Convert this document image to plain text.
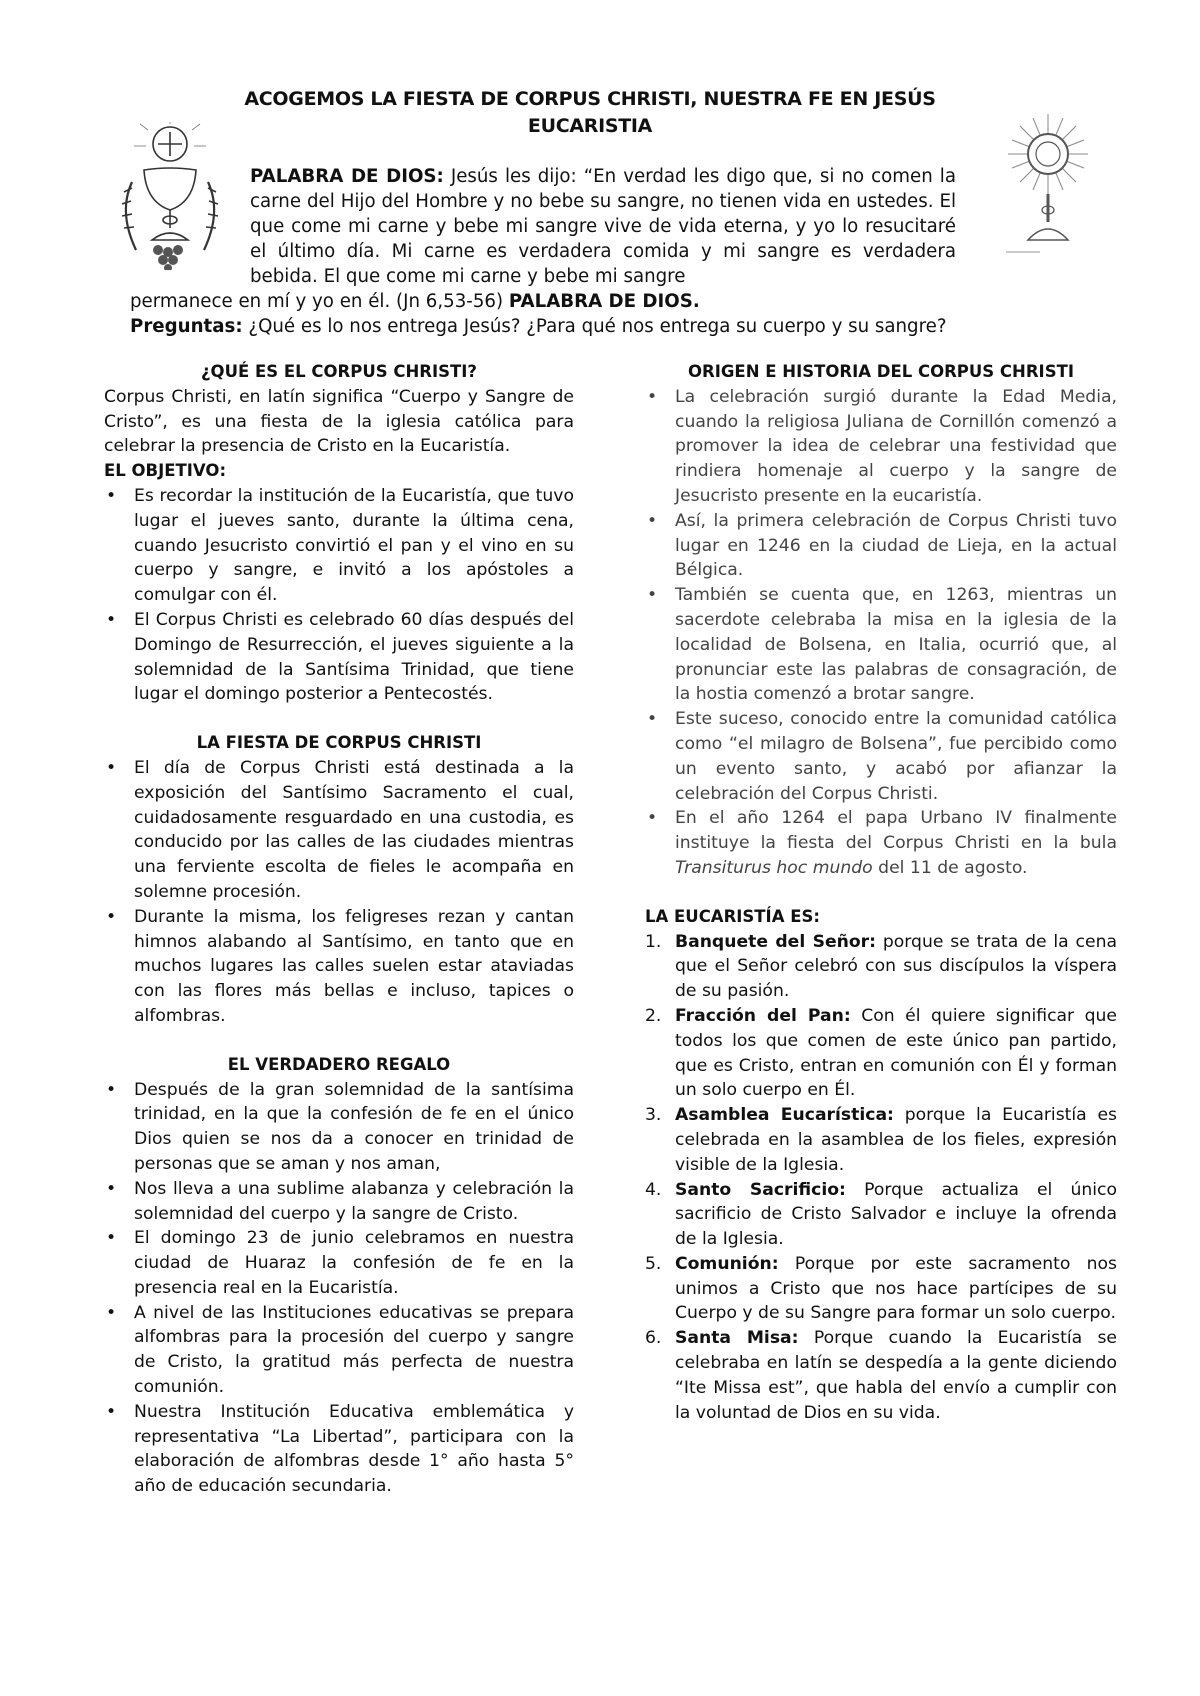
ACOGEMOS LA FIESTA DE CORPUS CHRISTI, NUESTRA FE EN JESÚS EUCARISTIA

PALABRA DE DIOS: Jesús les dijo: “En verdad les digo que, si no comen la carne del Hijo del Hombre y no bebe su sangre, no tienen vida en ustedes. El que come mi carne y bebe mi sangre vive de vida eterna, y yo lo resucitaré el último día. Mi carne es verdadera comida y mi sangre es verdadera bebida. El que come mi carne y bebe mi sangre

permanece en mí y yo en él. (Jn 6,53-56) PALABRA DE DIOS.

Preguntas: ¿Qué es lo nos entrega Jesús? ¿Para qué nos entrega su cuerpo y su sangre?

¿QUÉ ES EL CORPUS CHRISTI?

Corpus Christi, en latín significa “Cuerpo y Sangre de Cristo”, es una fiesta de la iglesia católica para celebrar la presencia de Cristo en la Eucaristía.

EL OBJETIVO:
• Es recordar la institución de la Eucaristía, que tuvo lugar el jueves santo, durante la última cena, cuando Jesucristo convirtió el pan y el vino en su cuerpo y sangre, e invitó a los apóstoles a comulgar con él.
• El Corpus Christi es celebrado 60 días después del Domingo de Resurrección, el jueves siguiente a la solemnidad de la Santísima Trinidad, que tiene lugar el domingo posterior a Pentecostés.
LA FIESTA DE CORPUS CHRISTI
• El día de Corpus Christi está destinada a la exposición del Santísimo Sacramento el cual, cuidadosamente resguardado en una custodia, es conducido por las calles de las ciudades mientras una ferviente escolta de fieles le acompaña en solemne procesión.
• Durante la misma, los feligreses rezan y cantan himnos alabando al Santísimo, en tanto que en muchos lugares las calles suelen estar ataviadas con las flores más bellas e incluso, tapices o alfombras.
EL VERDADERO REGALO
• Después de la gran solemnidad de la santísima trinidad, en la que la confesión de fe en el único Dios quien se nos da a conocer en trinidad de personas que se aman y nos aman,
• Nos lleva a una sublime alabanza y celebración la solemnidad del cuerpo y la sangre de Cristo.
• El domingo 23 de junio celebramos en nuestra ciudad de Huaraz la confesión de fe en la presencia real en la Eucaristía.
• A nivel de las Instituciones educativas se prepara alfombras para la procesión del cuerpo y sangre de Cristo, la gratitud más perfecta de nuestra comunión.
• Nuestra Institución Educativa emblemática y representativa “La Libertad”, participara con la elaboración de alfombras desde 1° año hasta 5° año de educación secundaria.
ORIGEN E HISTORIA DEL CORPUS CHRISTI
• La celebración surgió durante la Edad Media, cuando la religiosa Juliana de Cornillón comenzó a promover la idea de celebrar una festividad que rindiera homenaje al cuerpo y la sangre de Jesucristo presente en la eucaristía.
• Así, la primera celebración de Corpus Christi tuvo lugar en 1246 en la ciudad de Lieja, en la actual Bélgica.
• También se cuenta que, en 1263, mientras un sacerdote celebraba la misa en la iglesia de la localidad de Bolsena, en Italia, ocurrió que, al pronunciar este las palabras de consagración, de la hostia comenzó a brotar sangre.
• Este suceso, conocido entre la comunidad católica como “el milagro de Bolsena”, fue percibido como un evento santo, y acabó por afianzar la celebración del Corpus Christi.
• En el año 1264 el papa Urbano IV finalmente instituye la fiesta del Corpus Christi en la bula Transiturus hoc mundo del 11 de agosto.
LA EUCARISTÍA ES:
1. Banquete del Señor: porque se trata de la cena que el Señor celebró con sus discípulos la víspera de su pasión.
2. Fracción del Pan: Con él quiere significar que todos los que comen de este único pan partido, que es Cristo, entran en comunión con Él y forman un solo cuerpo en Él.
3. Asamblea Eucarística: porque la Eucaristía es celebrada en la asamblea de los fieles, expresión visible de la Iglesia.
4. Santo Sacrificio: Porque actualiza el único sacrificio de Cristo Salvador e incluye la ofrenda de la Iglesia.
5. Comunión: Porque por este sacramento nos unimos a Cristo que nos hace partícipes de su Cuerpo y de su Sangre para formar un solo cuerpo.
6. Santa Misa: Porque cuando la Eucaristía se celebraba en latín se despedía a la gente diciendo “Ite Missa est”, que habla del envío a cumplir con la voluntad de Dios en su vida.
